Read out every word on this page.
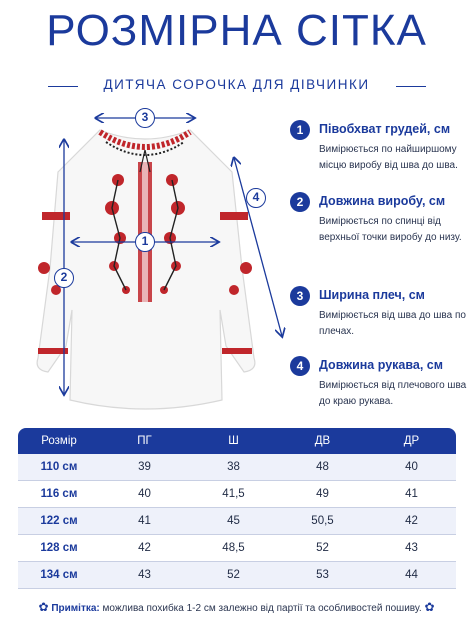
РОЗМІРНА СІТКА
ДИТЯЧА СОРОЧКА ДЛЯ ДІВЧИНКИ
3
1
2
4
1	Півобхват грудей, см
Вимірюється по найширшому місцю виробу від шва до шва.
2	Довжина виробу, см
Вимірюється по спинці від верхньої точки виробу до низу.
3	Ширина плеч, см
Вимірюється від шва до шва по плечах.
4	Довжина рукава, см
Вимірюється від плечового шва до краю рукава.
Розмір	ПГ	Ш	ДВ	ДР
110 см	39	38	48	40
116 см	40	41,5	49	41
122 см	41	45	50,5	42
128 см	42	48,5	52	43
134 см	43	52	53	44
✿ Примітка: можлива похибка 1-2 см залежно від партії та особливостей пошиву. ✿
